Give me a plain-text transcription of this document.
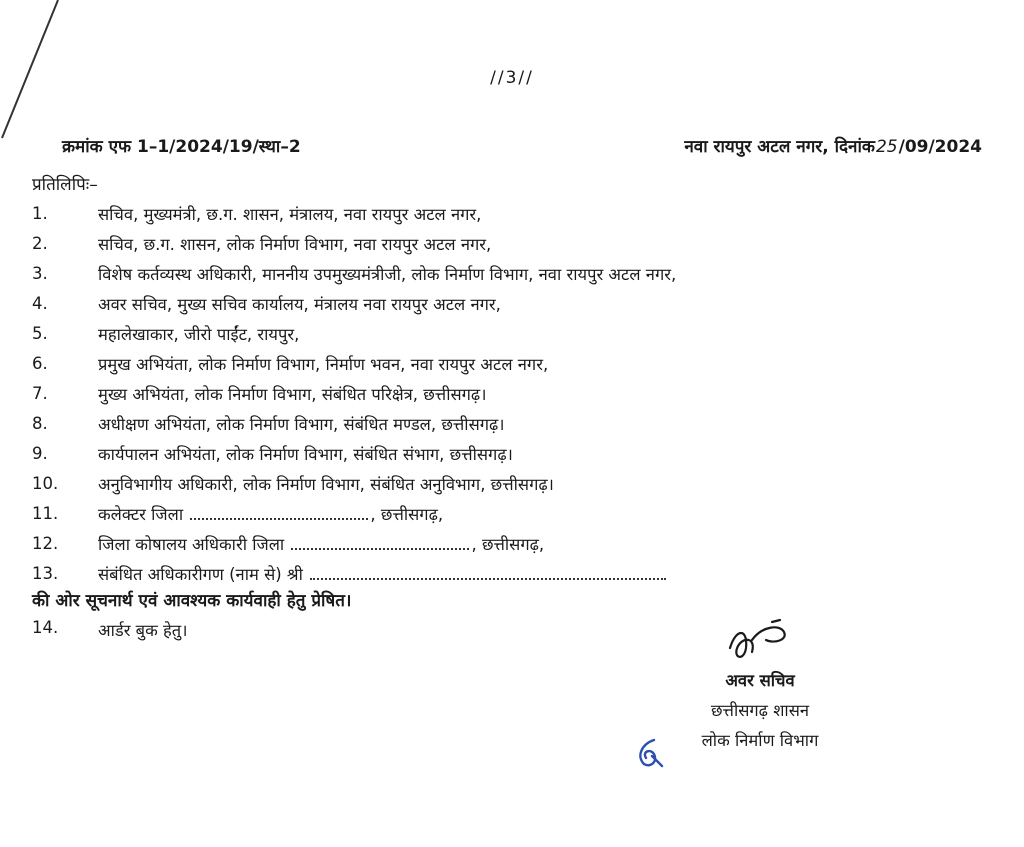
//3//
क्रमांक एफ 1–1/2024/19/स्था–2	नवा रायपुर अटल नगर, दिनांक 25 /09/2024
प्रतिलिपिः–
1.	सचिव, मुख्यमंत्री, छ.ग. शासन, मंत्रालय, नवा रायपुर अटल नगर,
2.	सचिव, छ.ग. शासन, लोक निर्माण विभाग, नवा रायपुर अटल नगर,
3.	विशेष कर्तव्यस्थ अधिकारी, माननीय उपमुख्यमंत्रीजी, लोक निर्माण विभाग, नवा रायपुर अटल नगर,
4.	अवर सचिव, मुख्य सचिव कार्यालय, मंत्रालय नवा रायपुर अटल नगर,
5.	महालेखाकार, जीरो पाईंट, रायपुर,
6.	प्रमुख अभियंता, लोक निर्माण विभाग, निर्माण भवन, नवा रायपुर अटल नगर,
7.	मुख्य अभियंता, लोक निर्माण विभाग, संबंधित परिक्षेत्र, छत्तीसगढ़।
8.	अधीक्षण अभियंता, लोक निर्माण विभाग, संबंधित मण्डल, छत्तीसगढ़।
9.	कार्यपालन अभियंता, लोक निर्माण विभाग, संबंधित संभाग, छत्तीसगढ़।
10.	अनुविभागीय अधिकारी, लोक निर्माण विभाग, संबंधित अनुविभाग, छत्तीसगढ़।
11.	कलेक्टर जिला	, छत्तीसगढ़,
12.	जिला कोषालय अधिकारी जिला	, छत्तीसगढ़,
13.	संबंधित अधिकारीगण (नाम से) श्री
की ओर सूचनार्थ एवं आवश्यक कार्यवाही हेतु प्रेषित।
14.	आर्डर बुक हेतु।
अवर सचिव
छत्तीसगढ़ शासन
लोक निर्माण विभाग
